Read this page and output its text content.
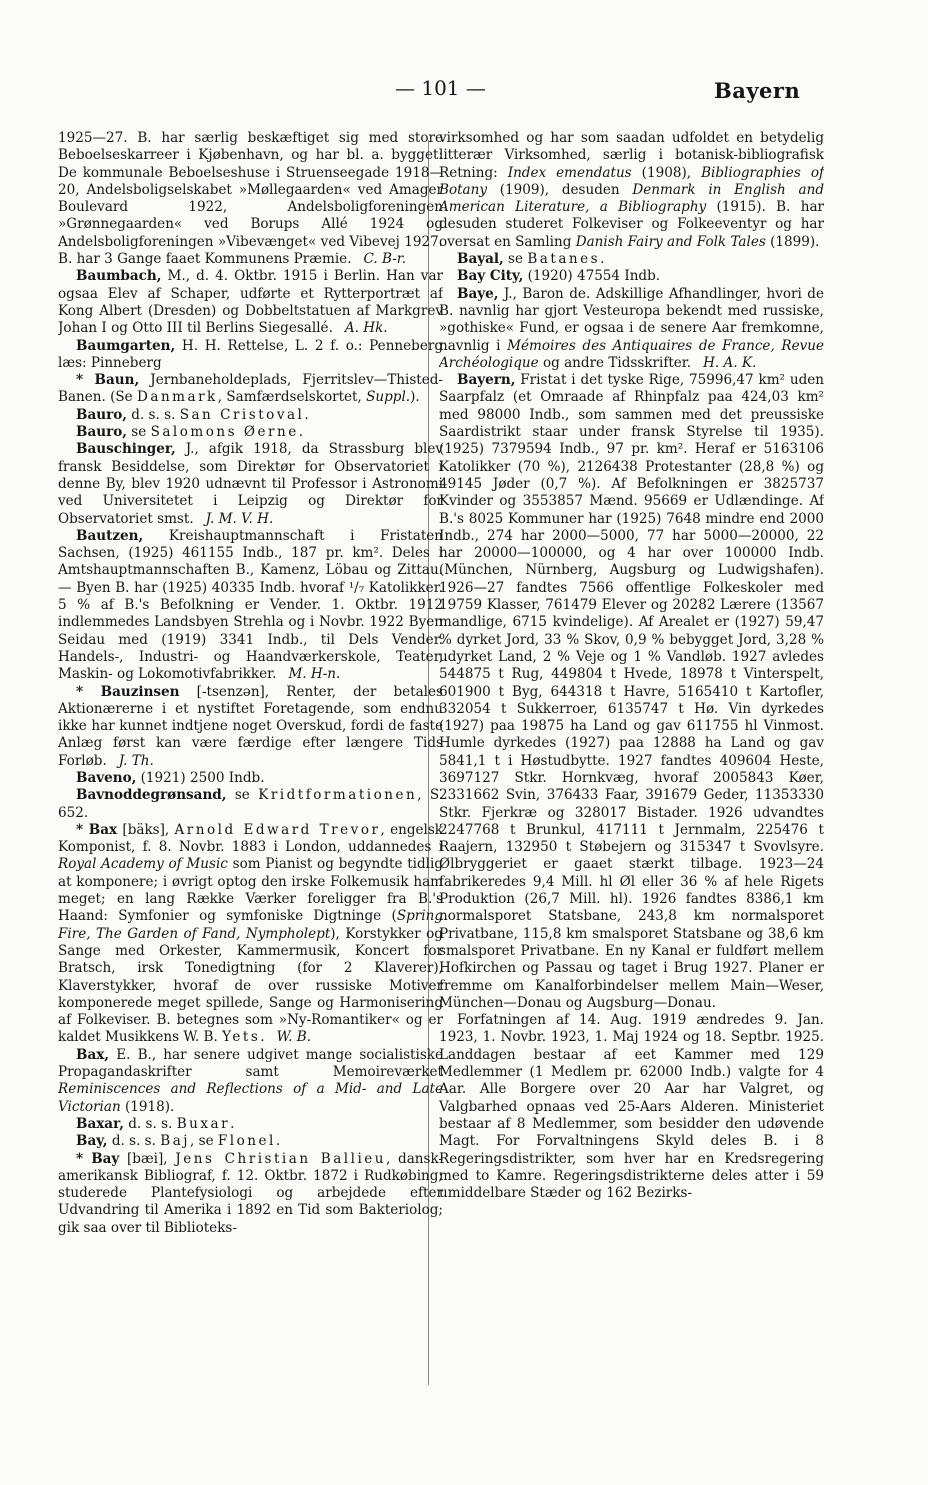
— 101 —	Bayern

1925—27. B. har særlig beskæftiget sig med store Beboelseskarreer i Kjøbenhavn, og har bl. a. bygget: De kommunale Beboelseshuse i Struenseegade 1918—20, Andelsboligselskabet »Møllegaarden« ved Amager Boulevard 1922, Andelsboligforeningen »Grønnegaarden« ved Borups Allé 1924 og Andelsboligforeningen »Vibevænget« ved Vibevej 1927. B. har 3 Gange faaet Kommunens Præmie. C. B-r.

Baumbach, M., d. 4. Oktbr. 1915 i Berlin. Han var ogsaa Elev af Schaper, udførte et Rytterportræt af Kong Albert (Dresden) og Dobbeltstatuen af Markgrev Johan I og Otto III til Berlins Siegesallé. A. Hk.

Baumgarten, H. H. Rettelse, L. 2 f. o.: Penneberg læs: Pinneberg

* Baun, Jernbaneholdeplads, Fjerritslev—Thisted-Banen. (Se Danmark, Samfærdselskortet, Suppl.).

Bauro, d. s. s. San Cristoval.

Bauro, se Salomons Øerne.

Bauschinger, J., afgik 1918, da Strassburg blev fransk Besiddelse, som Direktør for Observatoriet i denne By, blev 1920 udnævnt til Professor i Astronomi ved Universitetet i Leipzig og Direktør for Observatoriet smst. J. M. V. H.

Bautzen, Kreishauptmannschaft i Fristaten Sachsen, (1925) 461155 Indb., 187 pr. km². Deles i Amtshauptmannschaften B., Kamenz, Löbau og Zittau. — Byen B. har (1925) 40335 Indb. hvoraf ¹/₇ Katolikker. 5 % af B.'s Befolkning er Vender. 1. Oktbr. 1912 indlemmedes Landsbyen Strehla og i Novbr. 1922 Byen Seidau med (1919) 3341 Indb., til Dels Vender. Handels-, Industri- og Haandværkerskole, Teater, Maskin- og Lokomotivfabrikker. M. H-n.

* Bauzinsen [-tsenzən], Renter, der betales Aktionærerne i et nystiftet Foretagende, som endnu ikke har kunnet indtjene noget Overskud, fordi de faste Anlæg først kan være færdige efter længere Tids Forløb. J. Th.

Baveno, (1921) 2500 Indb.

Bavnoddegrønsand, se Kridtformationen, S. 652.

* Bax [bäks], Arnold Edward Trevor, engelsk Komponist, f. 8. Novbr. 1883 i London, uddannedes i Royal Academy of Music som Pianist og begyndte tidlig at komponere; i øvrigt optog den irske Folkemusik ham meget; en lang Række Værker foreligger fra B.'s Haand: Symfonier og symfoniske Digtninge (Spring Fire, The Garden of Fand, Nympholept), Korstykker og Sange med Orkester, Kammermusik, Koncert for Bratsch, irsk Tonedigtning (for 2 Klaverer), Klaverstykker, hvoraf de over russiske Motiver komponerede meget spillede, Sange og Harmonisering af Folkeviser. B. betegnes som »Ny-Romantiker« og er kaldet Musikkens W. B. Yets. W. B.

Bax, E. B., har senere udgivet mange socialistiske Propagandaskrifter samt Memoireværket Reminiscences and Reflections of a Mid- and Late Victorian (1918).

Baxar, d. s. s. Buxar.

Bay, d. s. s. Baj, se Flonel.

* Bay [bæi], Jens Christian Ballieu, dansk-amerikansk Bibliograf, f. 12. Oktbr. 1872 i Rudkøbing; studerede Plantefysiologi og arbejdede efter Udvandring til Amerika i 1892 en Tid som Bakteriolog; gik saa over til Biblioteks-

virksomhed og har som saadan udfoldet en betydelig litterær Virksomhed, særlig i botanisk-bibliografisk Retning: Index emendatus (1908), Bibliographies of Botany (1909), desuden Denmark in English and American Literature, a Bibliography (1915). B. har desuden studeret Folkeviser og Folkeeventyr og har oversat en Samling Danish Fairy and Folk Tales (1899).

Bayal, se Batanes.

Bay City, (1920) 47554 Indb.

Baye, J., Baron de. Adskillige Afhandlinger, hvori de B. navnlig har gjort Vesteuropa bekendt med russiske, »gothiske« Fund, er ogsaa i de senere Aar fremkomne, navnlig i Mémoires des Antiquaires de France, Revue Archéologique og andre Tidsskrifter. H. A. K.

Bayern, Fristat i det tyske Rige, 75996,47 km² uden Saarpfalz (et Omraade af Rhinpfalz paa 424,03 km² med 98000 Indb., som sammen med det preussiske Saardistrikt staar under fransk Styrelse til 1935). (1925) 7379594 Indb., 97 pr. km². Heraf er 5163106 Katolikker (70 %), 2126438 Protestanter (28,8 %) og 49145 Jøder (0,7 %). Af Befolkningen er 3825737 Kvinder og 3553857 Mænd. 95669 er Udlændinge. Af B.'s 8025 Kommuner har (1925) 7648 mindre end 2000 Indb., 274 har 2000—5000, 77 har 5000—20000, 22 har 20000—100000, og 4 har over 100000 Indb. (München, Nürnberg, Augsburg og Ludwigshafen). 1926—27 fandtes 7566 offentlige Folkeskoler med 19759 Klasser, 761479 Elever og 20282 Lærere (13567 mandlige, 6715 kvindelige). Af Arealet er (1927) 59,47 % dyrket Jord, 33 % Skov, 0,9 % bebygget Jord, 3,28 % udyrket Land, 2 % Veje og 1 % Vandløb. 1927 avledes 544875 t Rug, 449804 t Hvede, 18978 t Vinterspelt, 601900 t Byg, 644318 t Havre, 5165410 t Kartofler, 332054 t Sukkerroer, 6135747 t Hø. Vin dyrkedes (1927) paa 19875 ha Land og gav 611755 hl Vinmost. Humle dyrkedes (1927) paa 12888 ha Land og gav 5841,1 t i Høstudbytte. 1927 fandtes 409604 Heste, 3697127 Stkr. Hornkvæg, hvoraf 2005843 Køer, 2331662 Svin, 376433 Faar, 391679 Geder, 11353330 Stkr. Fjerkræ og 328017 Bistader. 1926 udvandtes 2247768 t Brunkul, 417111 t Jernmalm, 225476 t Raajern, 132950 t Støbejern og 315347 t Svovlsyre. Ølbryggeriet er gaaet stærkt tilbage. 1923—24 fabrikeredes 9,4 Mill. hl Øl eller 36 % af hele Rigets Produktion (26,7 Mill. hl). 1926 fandtes 8386,1 km normalsporet Statsbane, 243,8 km normalsporet Privatbane, 115,8 km smalsporet Statsbane og 38,6 km smalsporet Privatbane. En ny Kanal er fuldført mellem Hofkirchen og Passau og taget i Brug 1927. Planer er fremme om Kanalforbindelser mellem Main—Weser, München—Donau og Augsburg—Donau.

Forfatningen af 14. Aug. 1919 ændredes 9. Jan. 1923, 1. Novbr. 1923, 1. Maj 1924 og 18. Septbr. 1925. Landdagen bestaar af eet Kammer med 129 Medlemmer (1 Medlem pr. 62000 Indb.) valgte for 4 Aar. Alle Borgere over 20 Aar har Valgret, og Valgbarhed opnaas ved 25-Aars Alderen. Ministeriet bestaar af 8 Medlemmer, som besidder den udøvende Magt. For Forvaltningens Skyld deles B. i 8 Regeringsdistrikter, som hver har en Kredsregering med to Kamre. Regeringsdistrikterne deles atter i 59 umiddelbare Stæder og 162 Bezirks-
